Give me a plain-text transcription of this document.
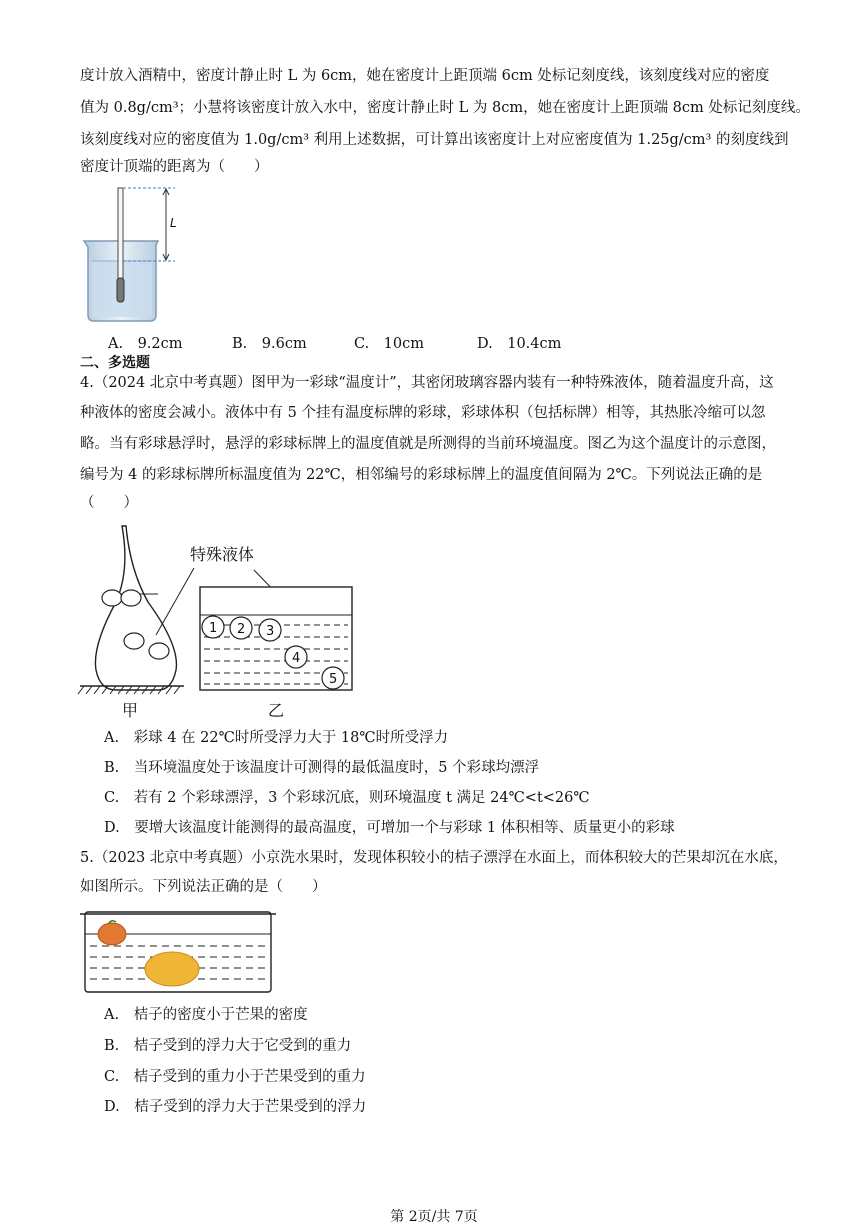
度计放入酒精中，密度计静止时 L 为 6cm，她在密度计上距顶端 6cm 处标记刻度线，该刻度线对应的密度
值为 0.8g/cm³；小慧将该密度计放入水中，密度计静止时 L 为 8cm，她在密度计上距顶端 8cm 处标记刻度线。
该刻度线对应的密度值为 1.0g/cm³ 利用上述数据，可计算出该密度计上对应密度值为 1.25g/cm³ 的刻度线到
密度计顶端的距离为（　　）
L
A.　9.2cm	B.　9.6cm	C.　10cm	D.　10.4cm
二、多选题
4.（2024 北京中考真题）图甲为一彩球“温度计”，其密闭玻璃容器内装有一种特殊液体，随着温度升高，这
种液体的密度会减小。液体中有 5 个挂有温度标牌的彩球，彩球体积（包括标牌）相等，其热胀冷缩可以忽
略。当有彩球悬浮时，悬浮的彩球标牌上的温度值就是所测得的当前环境温度。图乙为这个温度计的示意图，
编号为 4 的彩球标牌所标温度值为 22℃，相邻编号的彩球标牌上的温度值间隔为 2℃。下列说法正确的是
（　　）
特殊液体
1 2 3
4
5
甲	乙
A.　彩球 4 在 22℃时所受浮力大于 18℃时所受浮力
B.　当环境温度处于该温度计可测得的最低温度时，5 个彩球均漂浮
C.　若有 2 个彩球漂浮，3 个彩球沉底，则环境温度 t 满足 24℃<t<26℃
D.　要增大该温度计能测得的最高温度，可增加一个与彩球 1 体积相等、质量更小的彩球
5.（2023 北京中考真题）小京洗水果时，发现体积较小的桔子漂浮在水面上，而体积较大的芒果却沉在水底，
如图所示。下列说法正确的是（　　）
A.　桔子的密度小于芒果的密度
B.　桔子受到的浮力大于它受到的重力
C.　桔子受到的重力小于芒果受到的重力
D.　桔子受到的浮力大于芒果受到的浮力
第 2页/共 7页
